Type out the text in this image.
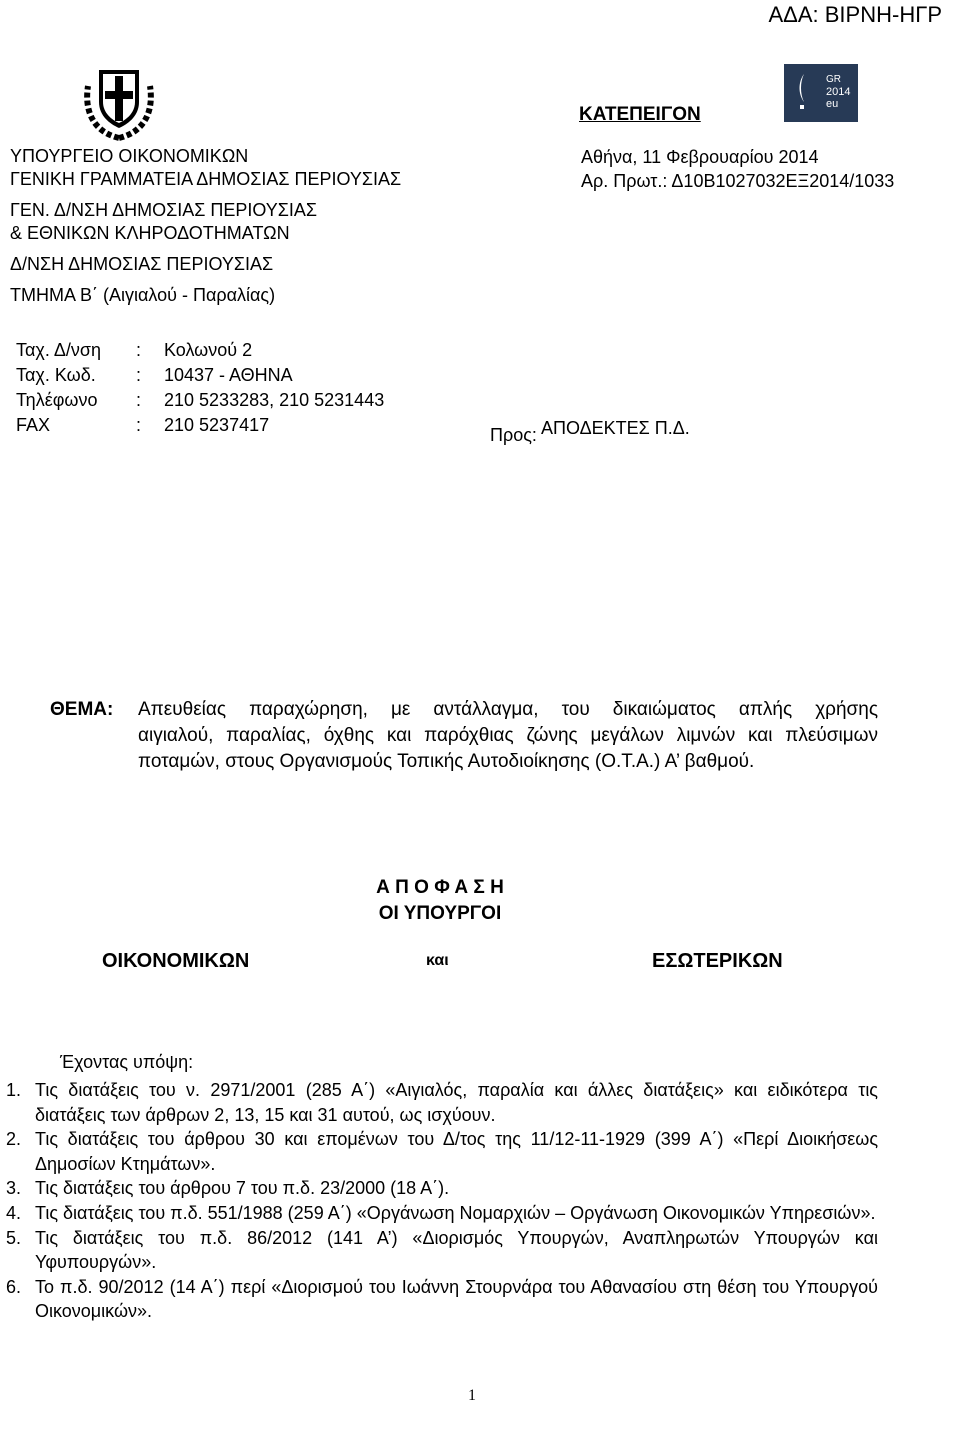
ΑΔΑ: ΒΙΡΝΗ-ΗΓΡ
GR
2014
eu
ΚΑΤΕΠΕΙΓΟΝ
ΥΠΟΥΡΓΕΙΟ ΟΙΚΟΝΟΜΙΚΩΝ
ΓΕΝΙΚΗ ΓΡΑΜΜΑΤΕΙΑ ΔΗΜΟΣΙΑΣ ΠΕΡΙΟΥΣΙΑΣ
ΓΕΝ. Δ/ΝΣΗ ΔΗΜΟΣΙΑΣ ΠΕΡΙΟΥΣΙΑΣ
& ΕΘΝΙΚΩΝ ΚΛΗΡΟΔΟΤΗΜΑΤΩΝ
Δ/ΝΣΗ ΔΗΜΟΣΙΑΣ ΠΕΡΙΟΥΣΙΑΣ
ΤΜΗΜΑ Β΄ (Αιγιαλού - Παραλίας)
Αθήνα, 11 Φεβρουαρίου 2014
Αρ. Πρωτ.: Δ10Β1027032ΕΞ2014/1033
Ταχ. Δ/νση : Κολωνού 2
Ταχ. Κωδ. : 10437 - ΑΘΗΝΑ
Τηλέφωνο : 210 5233283, 210 5231443
FAX	: 210 5237417	Προς: ΑΠΟΔΕΚΤΕΣ Π.Δ.
ΘΕΜΑ:	Απευθείας παραχώρηση, με αντάλλαγμα, του δικαιώματος απλής χρήσης
αιγιαλού, παραλίας, όχθης και παρόχθιας ζώνης μεγάλων λιμνών και πλεύσιμων ποταμών, στους Οργανισμούς Τοπικής Αυτοδιοίκησης (Ο.Τ.Α.) Α’ βαθμού.
Α Π Ο Φ Α Σ Η
ΟΙ ΥΠΟΥΡΓΟΙ
ΟΙΚΟΝΟΜΙΚΩΝ	και	ΕΣΩΤΕΡΙΚΩΝ
Έχοντας υπόψη:
1. Τις διατάξεις του ν. 2971/2001 (285 Α΄) «Αιγιαλός, παραλία και άλλες διατάξεις» και ειδικότερα τις διατάξεις των άρθρων 2, 13, 15 και 31 αυτού, ως ισχύουν.
2. Τις διατάξεις του άρθρου 30 και επομένων του Δ/τος της 11/12-11-1929 (399 Α΄) «Περί Διοικήσεως Δημοσίων Κτημάτων».
3. Τις διατάξεις του άρθρου 7 του π.δ. 23/2000 (18 Α΄).
4. Τις διατάξεις του π.δ. 551/1988 (259 Α΄) «Οργάνωση Νομαρχιών – Οργάνωση Οικονομικών Υπηρεσιών».
5. Τις διατάξεις του π.δ. 86/2012 (141 Α’) «Διορισμός Υπουργών, Αναπληρωτών Υπουργών και Υφυπουργών».
6. Το π.δ. 90/2012 (14 Α΄) περί «Διορισμού του Ιωάννη Στουρνάρα του Αθανασίου στη θέση του Υπουργού Οικονομικών».
1
